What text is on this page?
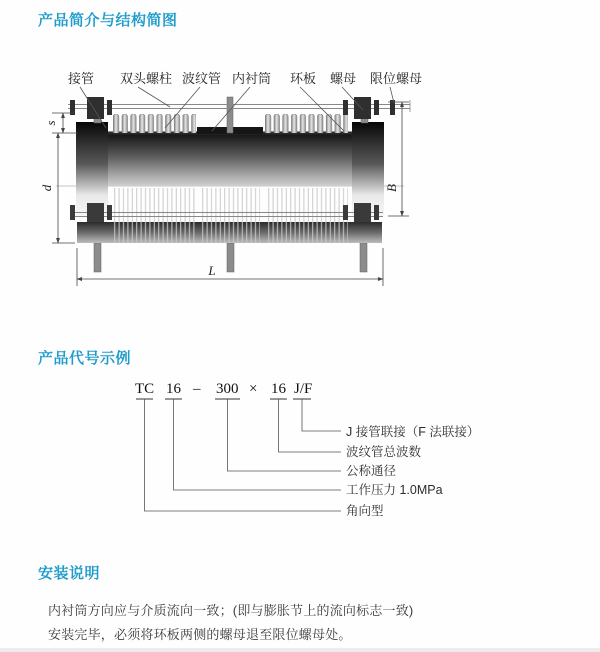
产品简介与结构简图
接管 双头螺柱 波纹管 内衬筒 环板 螺母 限位螺母
s
d	B
L
产品代号示例
TC 16 – 300 × 16 J/F
J 接管联接（F 法联接）
波纹管总波数
公称通径
工作压力 1.0MPa
角向型
安装说明
内衬筒方向应与介质流向一致；(即与膨胀节上的流向标志一致)
安装完毕，必须将环板两侧的螺母退至限位螺母处。
